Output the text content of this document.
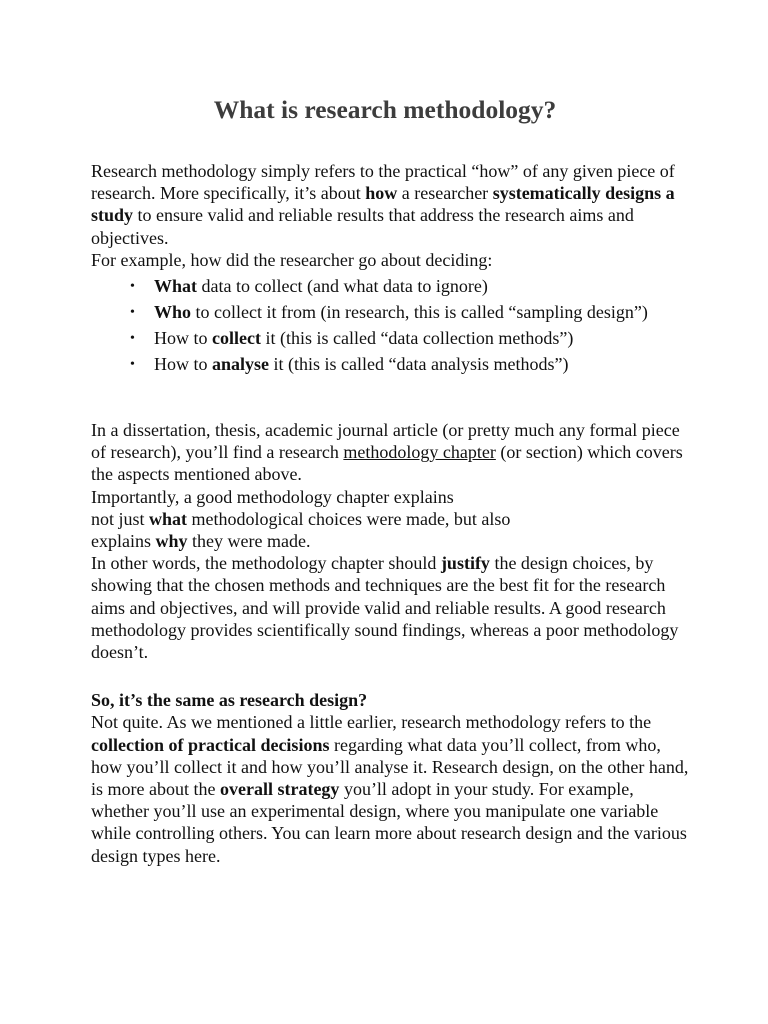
What is research methodology?

Research methodology simply refers to the practical “how” of any given piece of research. More specifically, it’s about how a researcher systematically designs a study to ensure valid and reliable results that address the research aims and objectives.
For example, how did the researcher go about deciding:

• What data to collect (and what data to ignore)
• Who to collect it from (in research, this is called “sampling design”)
• How to collect it (this is called “data collection methods”)
• How to analyse it (this is called “data analysis methods”)

In a dissertation, thesis, academic journal article (or pretty much any formal piece of research), you’ll find a research methodology chapter (or section) which covers the aspects mentioned above.
Importantly, a good methodology chapter explains
not just what methodological choices were made, but also
explains why they were made.
In other words, the methodology chapter should justify the design choices, by showing that the chosen methods and techniques are the best fit for the research aims and objectives, and will provide valid and reliable results. A good research methodology provides scientifically sound findings, whereas a poor methodology doesn’t.

So, it’s the same as research design?
Not quite. As we mentioned a little earlier, research methodology refers to the collection of practical decisions regarding what data you’ll collect, from who, how you’ll collect it and how you’ll analyse it. Research design, on the other hand, is more about the overall strategy you’ll adopt in your study. For example, whether you’ll use an experimental design, where you manipulate one variable while controlling others. You can learn more about research design and the various design types here.
